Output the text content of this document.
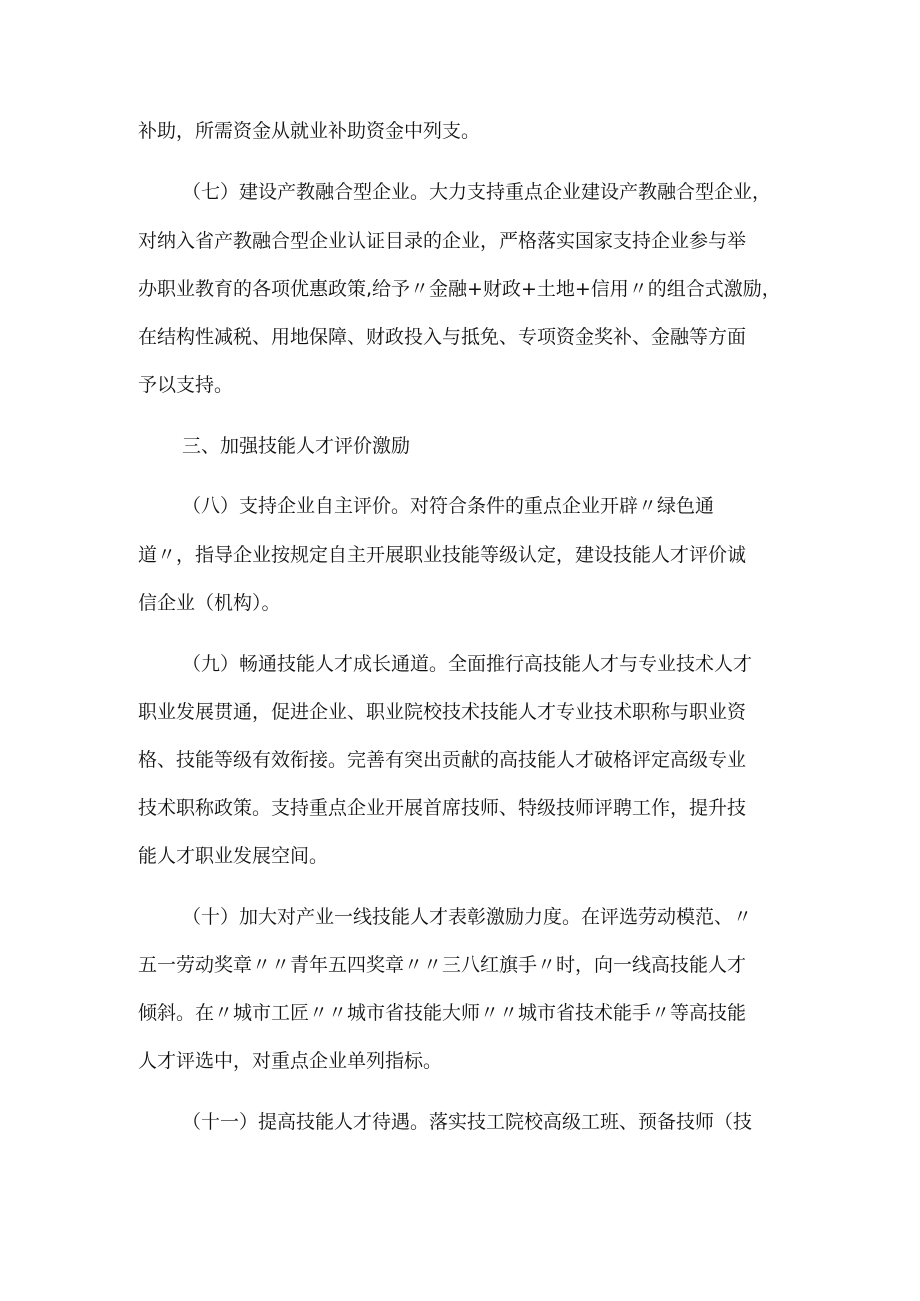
补助，所需资金从就业补助资金中列支。
（七）建设产教融合型企业。大力支持重点企业建设产教融合型企业，
对纳入省产教融合型企业认证目录的企业，严格落实国家支持企业参与举
办职业教育的各项优惠政策,给予〃金融+财政+土地+信用〃的组合式激励，
在结构性减税、用地保障、财政投入与抵免、专项资金奖补、金融等方面
予以支持。
三、加强技能人才评价激励
（八）支持企业自主评价。对符合条件的重点企业开辟〃绿色通
道〃，指导企业按规定自主开展职业技能等级认定，建设技能人才评价诚
信企业（机构）。
（九）畅通技能人才成长通道。全面推行高技能人才与专业技术人才
职业发展贯通，促进企业、职业院校技术技能人才专业技术职称与职业资
格、技能等级有效衔接。完善有突出贡献的高技能人才破格评定高级专业
技术职称政策。支持重点企业开展首席技师、特级技师评聘工作，提升技
能人才职业发展空间。
（十）加大对产业一线技能人才表彰激励力度。在评选劳动模范、〃
五一劳动奖章〃〃青年五四奖章〃〃三八红旗手〃时，向一线高技能人才
倾斜。在〃城市工匠〃〃城市省技能大师〃〃城市省技术能手〃等高技能
人才评选中，对重点企业单列指标。
（十一）提高技能人才待遇。落实技工院校高级工班、预备技师（技
